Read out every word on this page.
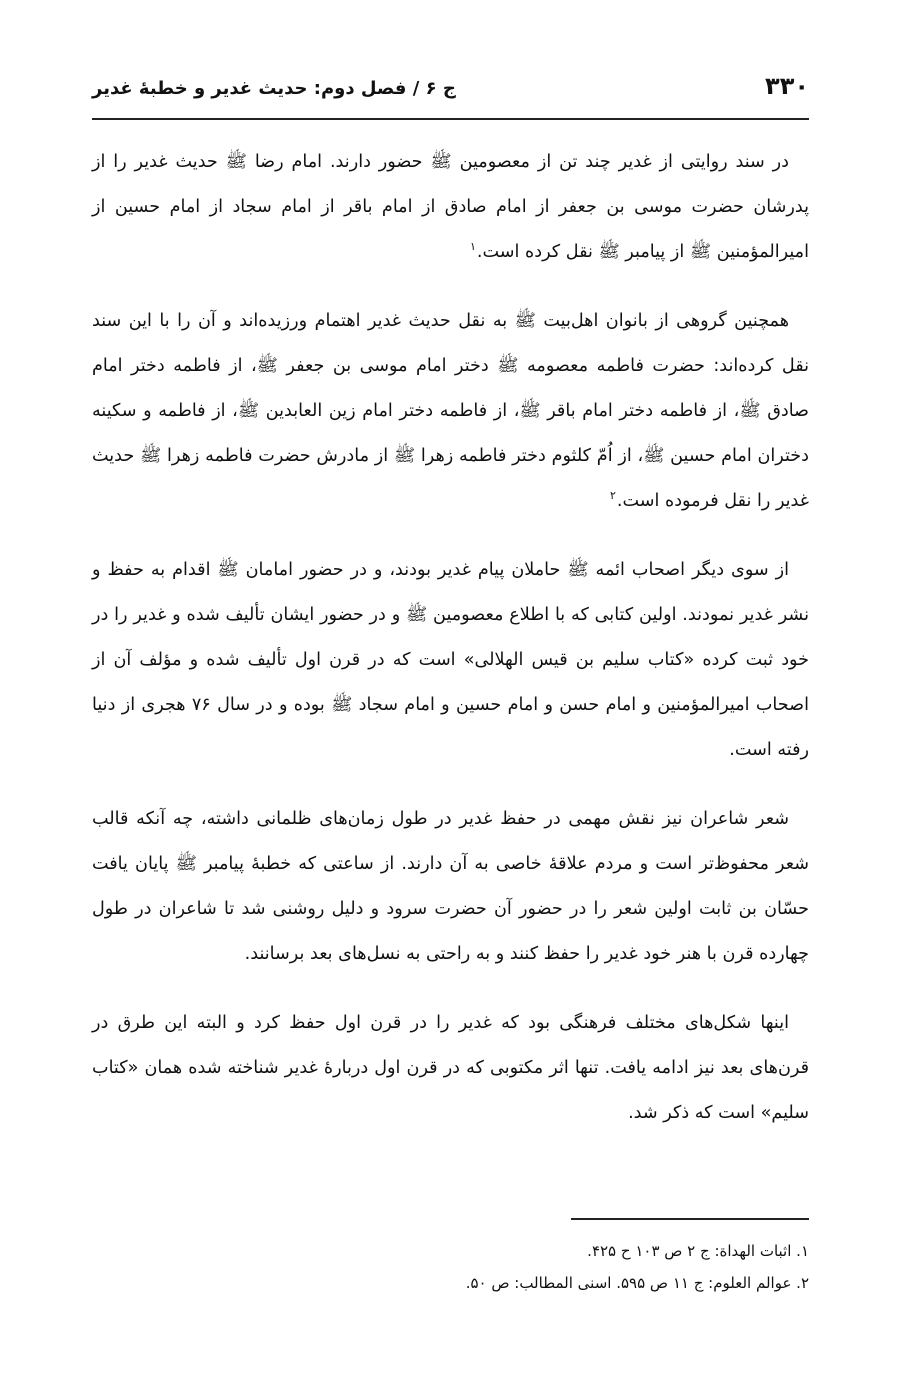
۳۳۰
ج ۶ / فصل دوم: حدیث غدیر و خطبهٔ غدیر

در سند روایتی از غدیر چند تن از معصومین ﷺ حضور دارند. امام رضا ﷺ حدیث غدیر را از پدرشان حضرت موسی بن جعفر از امام صادق از امام باقر از امام سجاد از امام حسین از امیرالمؤمنین ﷺ از پیامبر ﷺ نقل کرده است.$^۱$

همچنین گروهی از بانوان اهل‌بیت ﷺ به نقل حدیث غدیر اهتمام ورزیده‌اند و آن را با این سند نقل کرده‌اند: حضرت فاطمه معصومه ﷺ دختر امام موسی بن جعفر ﷺ، از فاطمه دختر امام صادق ﷺ، از فاطمه دختر امام باقر ﷺ، از فاطمه دختر امام زین العابدین ﷺ، از فاطمه و سکینه دختران امام حسین ﷺ، از اُمّ کلثوم دختر فاطمه زهرا ﷺ از مادرش حضرت فاطمه زهرا ﷺ حدیث غدیر را نقل فرموده است.$^۲$

از سوی دیگر اصحاب ائمه ﷺ حاملان پیام غدیر بودند، و در حضور امامان ﷺ اقدام به حفظ و نشر غدیر نمودند. اولین کتابی که با اطلاع معصومین ﷺ و در حضور ایشان تألیف شده و غدیر را در خود ثبت کرده «کتاب سلیم بن قیس الهلالی» است که در قرن اول تألیف شده و مؤلف آن از اصحاب امیرالمؤمنین و امام حسن و امام حسین و امام سجاد ﷺ بوده و در سال ۷۶ هجری از دنیا رفته است.

شعر شاعران نیز نقش مهمی در حفظ غدیر در طول زمان‌های ظلمانی داشته، چه آنکه قالب شعر محفوظ‌تر است و مردم علاقهٔ خاصی به آن دارند. از ساعتی که خطبهٔ پیامبر ﷺ پایان یافت حسّان بن ثابت اولین شعر را در حضور آن حضرت سرود و دلیل روشنی شد تا شاعران در طول چهارده قرن با هنر خود غدیر را حفظ کنند و به راحتی به نسل‌های بعد برسانند.

اینها شکل‌های مختلف فرهنگی بود که غدیر را در قرن اول حفظ کرد و البته این طرق در قرن‌های بعد نیز ادامه یافت. تنها اثر مکتوبی که در قرن اول دربارهٔ غدیر شناخته شده همان «کتاب سلیم» است که ذکر شد.

۱. اثبات الهداة: ج ۲ ص ۱۰۳ ح ۴۲۵.
۲. عوالم العلوم: ج ۱۱ ص ۵۹۵. اسنی المطالب: ص ۵۰.
